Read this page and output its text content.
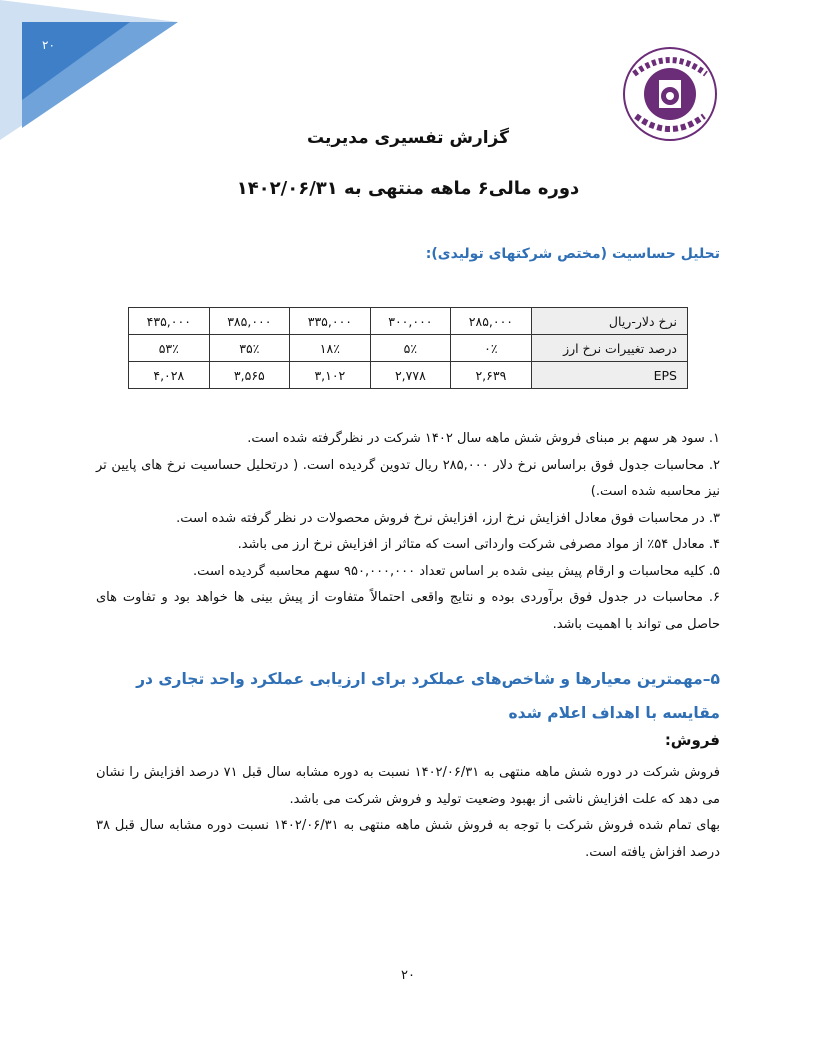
۲۰
گزارش تفسیری مدیریت
دوره مالی۶ ماهه منتهی به ۱۴۰۲/۰۶/۳۱
تحلیل حساسیت (مختص شرکتهای تولیدی):
نرخ دلار-ریال	۲۸۵,۰۰۰	۳۰۰,۰۰۰	۳۳۵,۰۰۰	۳۸۵,۰۰۰	۴۳۵,۰۰۰
درصد تغییرات نرخ ارز	۰٪	۵٪	۱۸٪	۳۵٪	۵۳٪
EPS	۲,۶۳۹	۲,۷۷۸	۳,۱۰۲	۳,۵۶۵	۴,۰۲۸

۱. سود هر سهم بر مبنای فروش شش ماهه سال ۱۴۰۲ شرکت در نظرگرفته شده است.

۲. محاسبات جدول فوق براساس نرخ دلار ۲۸۵,۰۰۰ ریال تدوین گردیده است. ( درتحلیل حساسیت نرخ های پایین تر نیز محاسبه شده است.)

۳. در محاسبات فوق معادل افزایش نرخ ارز، افزایش نرخ فروش محصولات در نظر گرفته شده است.

۴. معادل ۵۴٪ از مواد مصرفی شرکت وارداتی است که متاثر از افزایش نرخ ارز می باشد.

۵. کلیه محاسبات و ارقام پیش بینی شده بر اساس تعداد ۹۵۰,۰۰۰,۰۰۰ سهم محاسبه گردیده است.

۶. محاسبات در جدول فوق برآوردی بوده و نتایج واقعی احتمالاً متفاوت از پیش بینی ها خواهد بود و تفاوت های حاصل می تواند با اهمیت باشد.

۵–مهمترین معیارها و شاخص‌های عملکرد برای ارزیابی عملکرد واحد تجاری در مقایسه با اهداف اعلام شده
فروش:

فروش شرکت در دوره شش ماهه منتهی به ۱۴۰۲/۰۶/۳۱ نسبت به دوره مشابه سال قبل ۷۱ درصد افزایش را نشان می دهد که علت افزایش ناشی از بهبود وضعیت تولید و فروش شرکت می باشد.

بهای تمام شده فروش شرکت با توجه به فروش شش ماهه منتهی به ۱۴۰۲/۰۶/۳۱ نسبت دوره مشابه سال قبل ۳۸ درصد افزاش یافته است.

۲۰
